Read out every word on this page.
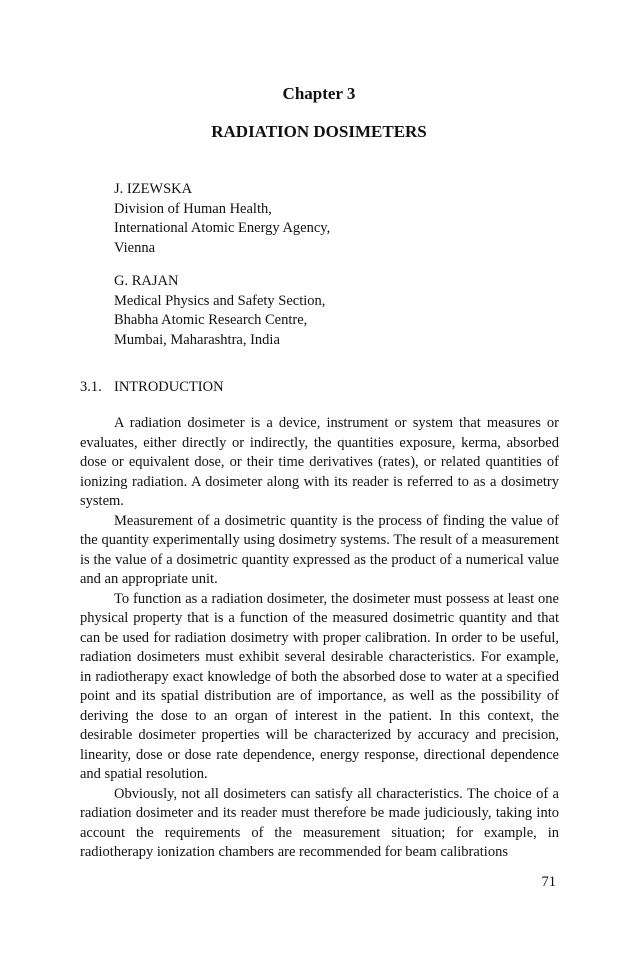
Chapter 3
RADIATION DOSIMETERS
J. IZEWSKA
Division of Human Health,
International Atomic Energy Agency,
Vienna
G. RAJAN
Medical Physics and Safety Section,
Bhabha Atomic Research Centre,
Mumbai, Maharashtra, India
3.1. INTRODUCTION

A radiation dosimeter is a device, instrument or system that measures or evaluates, either directly or indirectly, the quantities exposure, kerma, absorbed dose or equivalent dose, or their time derivatives (rates), or related quantities of ionizing radiation. A dosimeter along with its reader is referred to as a dosimetry system.

Measurement of a dosimetric quantity is the process of finding the value of the quantity experimentally using dosimetry systems. The result of a measurement is the value of a dosimetric quantity expressed as the product of a numerical value and an appropriate unit.

To function as a radiation dosimeter, the dosimeter must possess at least one physical property that is a function of the measured dosimetric quantity and that can be used for radiation dosimetry with proper calibration. In order to be useful, radiation dosimeters must exhibit several desirable characteristics. For example, in radiotherapy exact knowledge of both the absorbed dose to water at a specified point and its spatial distribution are of importance, as well as the possibility of deriving the dose to an organ of interest in the patient. In this context, the desirable dosimeter properties will be characterized by accuracy and precision, linearity, dose or dose rate dependence, energy response, directional dependence and spatial resolution.

Obviously, not all dosimeters can satisfy all characteristics. The choice of a radiation dosimeter and its reader must therefore be made judiciously, taking into account the requirements of the measurement situation; for example, in radiotherapy ionization chambers are recommended for beam calibrations

71
